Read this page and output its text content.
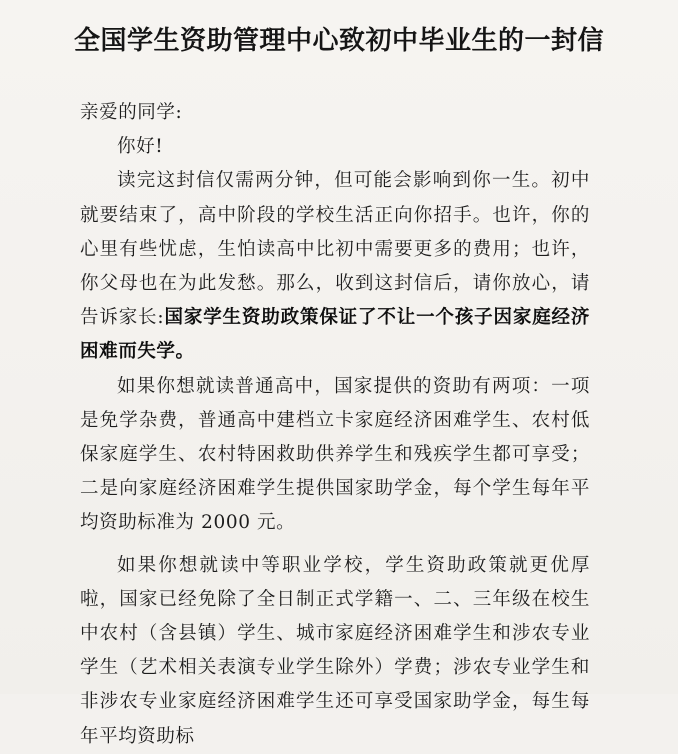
全国学生资助管理中心致初中毕业生的一封信

亲爱的同学:

你好!

读完这封信仅需两分钟，但可能会影响到你一生。初中就要结束了，高中阶段的学校生活正向你招手。也许，你的心里有些忧虑，生怕读高中比初中需要更多的费用；也许，你父母也在为此发愁。那么，收到这封信后，请你放心，请告诉家长:国家学生资助政策保证了不让一个孩子因家庭经济困难而失学。

如果你想就读普通高中，国家提供的资助有两项：一项是免学杂费，普通高中建档立卡家庭经济困难学生、农村低保家庭学生、农村特困救助供养学生和残疾学生都可享受；二是向家庭经济困难学生提供国家助学金，每个学生每年平均资助标准为 2000 元。

如果你想就读中等职业学校，学生资助政策就更优厚啦，国家已经免除了全日制正式学籍一、二、三年级在校生中农村（含县镇）学生、城市家庭经济困难学生和涉农专业学生（艺术相关表演专业学生除外）学费；涉农专业学生和非涉农专业家庭经济困难学生还可享受国家助学金，每生每年平均资助标
